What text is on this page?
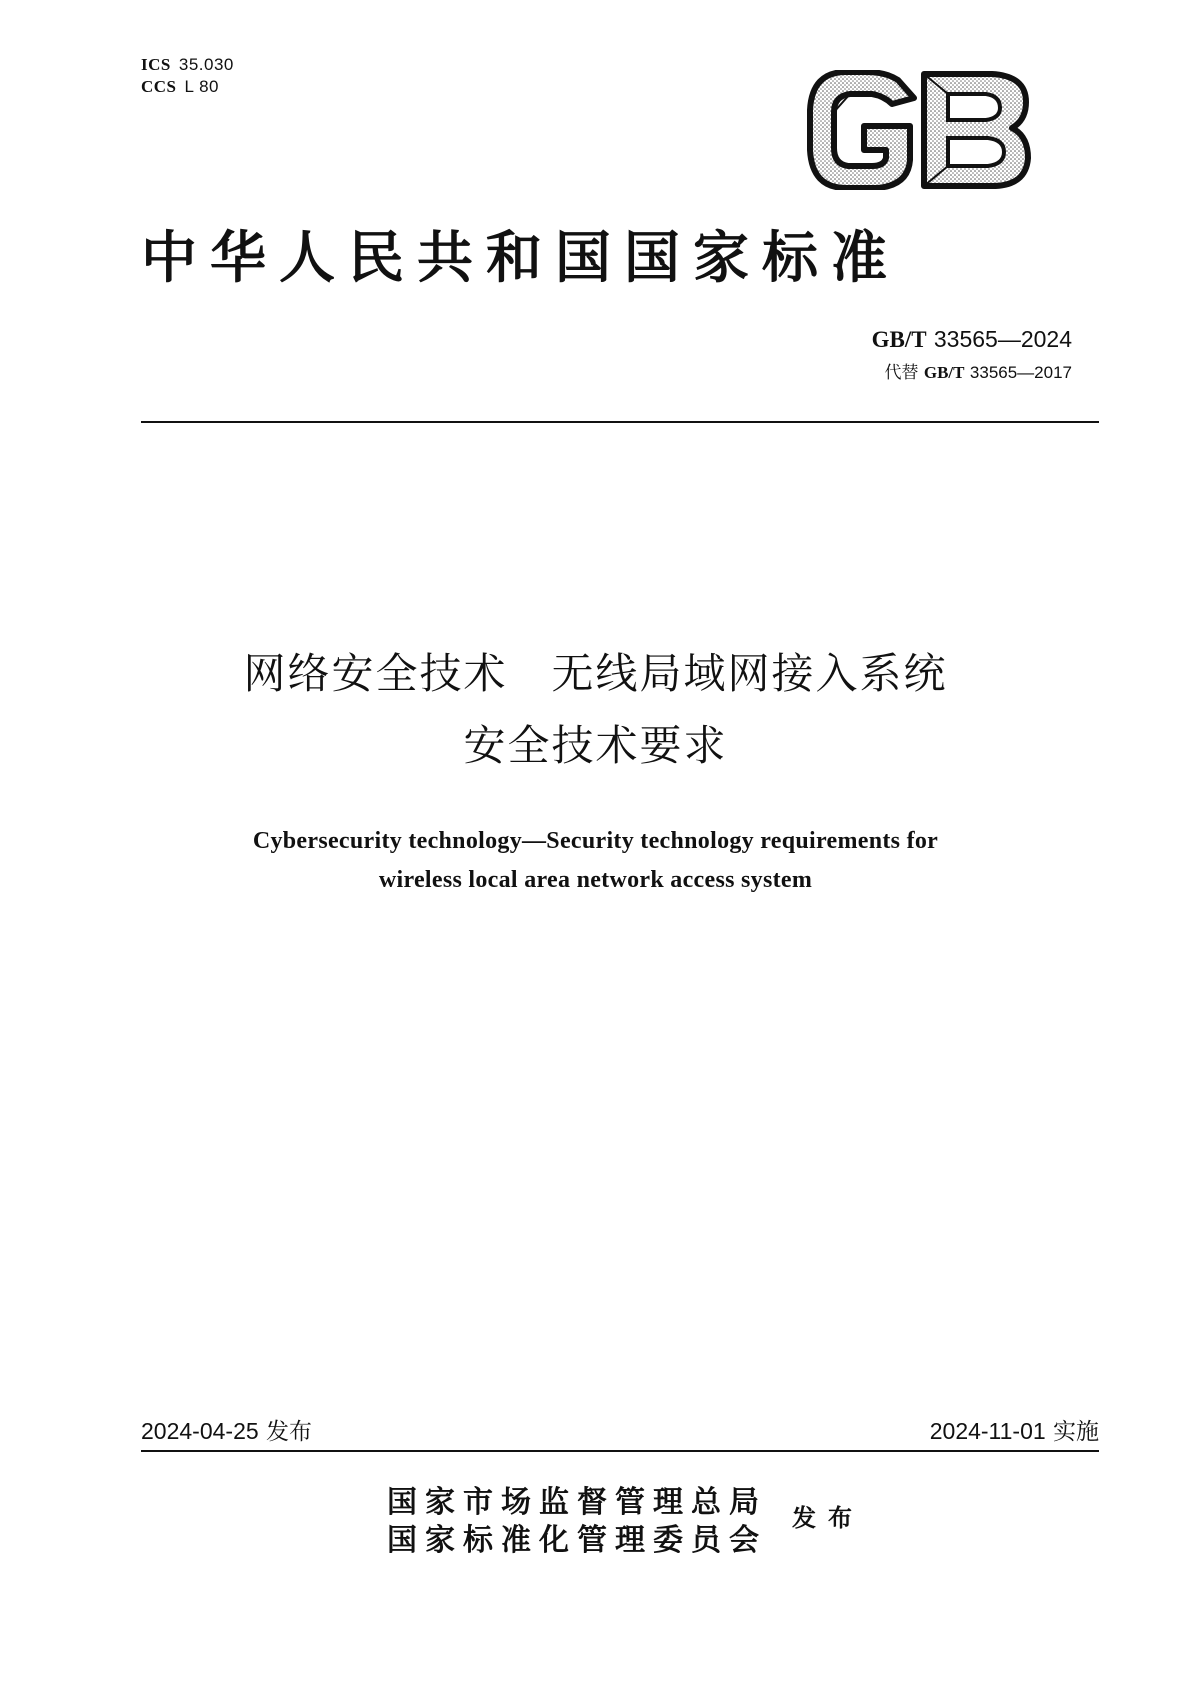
ICS 35.030
CCS L 80
中华人民共和国国家标准
GB/T 33565—2024
代替 GB/T 33565—2017
网络安全技术　无线局域网接入系统
安全技术要求
Cybersecurity technology—Security technology requirements for
wireless local area network access system
2024-04-25 发布	2024-11-01 实施
国家市场监督管理总局
国家标准化管理委员会
发布
